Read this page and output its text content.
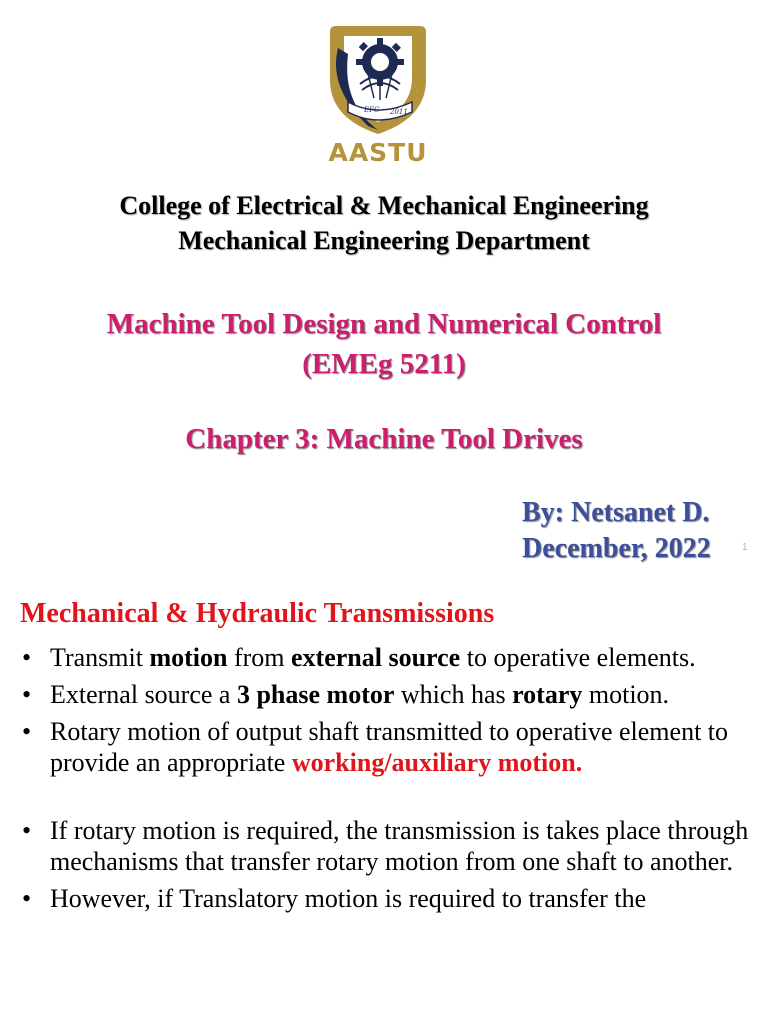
EFC 2011
AASTU
College of Electrical & Mechanical Engineering
Mechanical Engineering Department
Machine Tool Design and Numerical Control
(EMEg 5211)
Chapter 3: Machine Tool Drives
By: Netsanet D.
December, 2022	1
Mechanical & Hydraulic Transmissions
• Transmit motion from external source to operative elements.
• External source a 3 phase motor which has rotary motion.
• Rotary motion of output shaft transmitted to operative element to provide an appropriate working/auxiliary motion.
• If rotary motion is required, the transmission is takes place through mechanisms that transfer rotary motion from one shaft to another.
• However, if Translatory motion is required to transfer the
